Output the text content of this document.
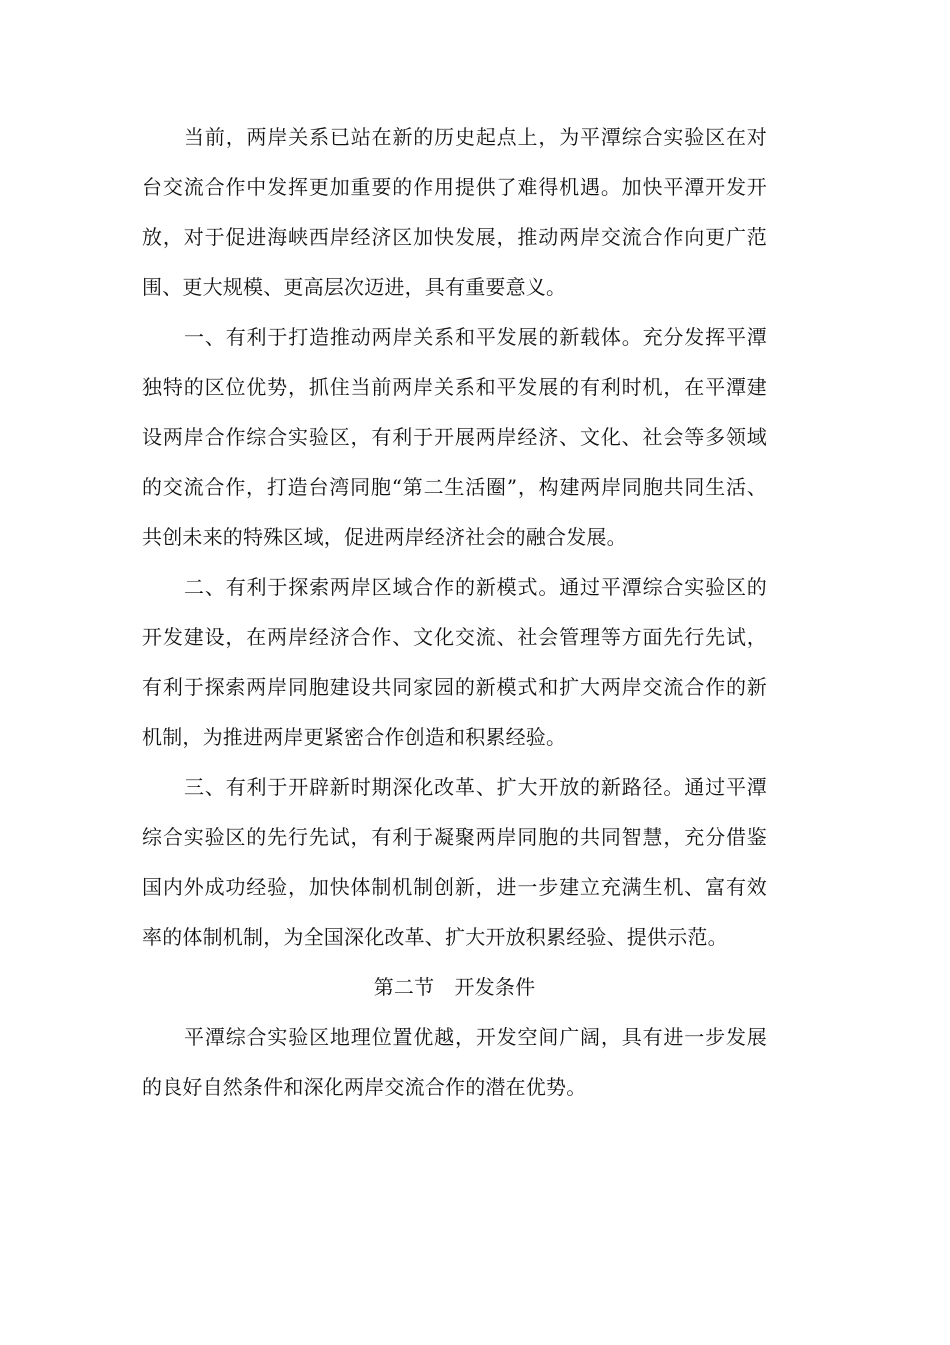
当前，两岸关系已站在新的历史起点上，为平潭综合实验区在对台交流合作中发挥更加重要的作用提供了难得机遇。加快平潭开发开放，对于促进海峡西岸经济区加快发展，推动两岸交流合作向更广范围、更大规模、更高层次迈进，具有重要意义。

一、有利于打造推动两岸关系和平发展的新载体。充分发挥平潭独特的区位优势，抓住当前两岸关系和平发展的有利时机，在平潭建设两岸合作综合实验区，有利于开展两岸经济、文化、社会等多领域的交流合作，打造台湾同胞“第二生活圈”，构建两岸同胞共同生活、共创未来的特殊区域，促进两岸经济社会的融合发展。

二、有利于探索两岸区域合作的新模式。通过平潭综合实验区的开发建设，在两岸经济合作、文化交流、社会管理等方面先行先试，有利于探索两岸同胞建设共同家园的新模式和扩大两岸交流合作的新机制，为推进两岸更紧密合作创造和积累经验。

三、有利于开辟新时期深化改革、扩大开放的新路径。通过平潭综合实验区的先行先试，有利于凝聚两岸同胞的共同智慧，充分借鉴国内外成功经验，加快体制机制创新，进一步建立充满生机、富有效率的体制机制，为全国深化改革、扩大开放积累经验、提供示范。

第二节　开发条件

平潭综合实验区地理位置优越，开发空间广阔，具有进一步发展的良好自然条件和深化两岸交流合作的潜在优势。
